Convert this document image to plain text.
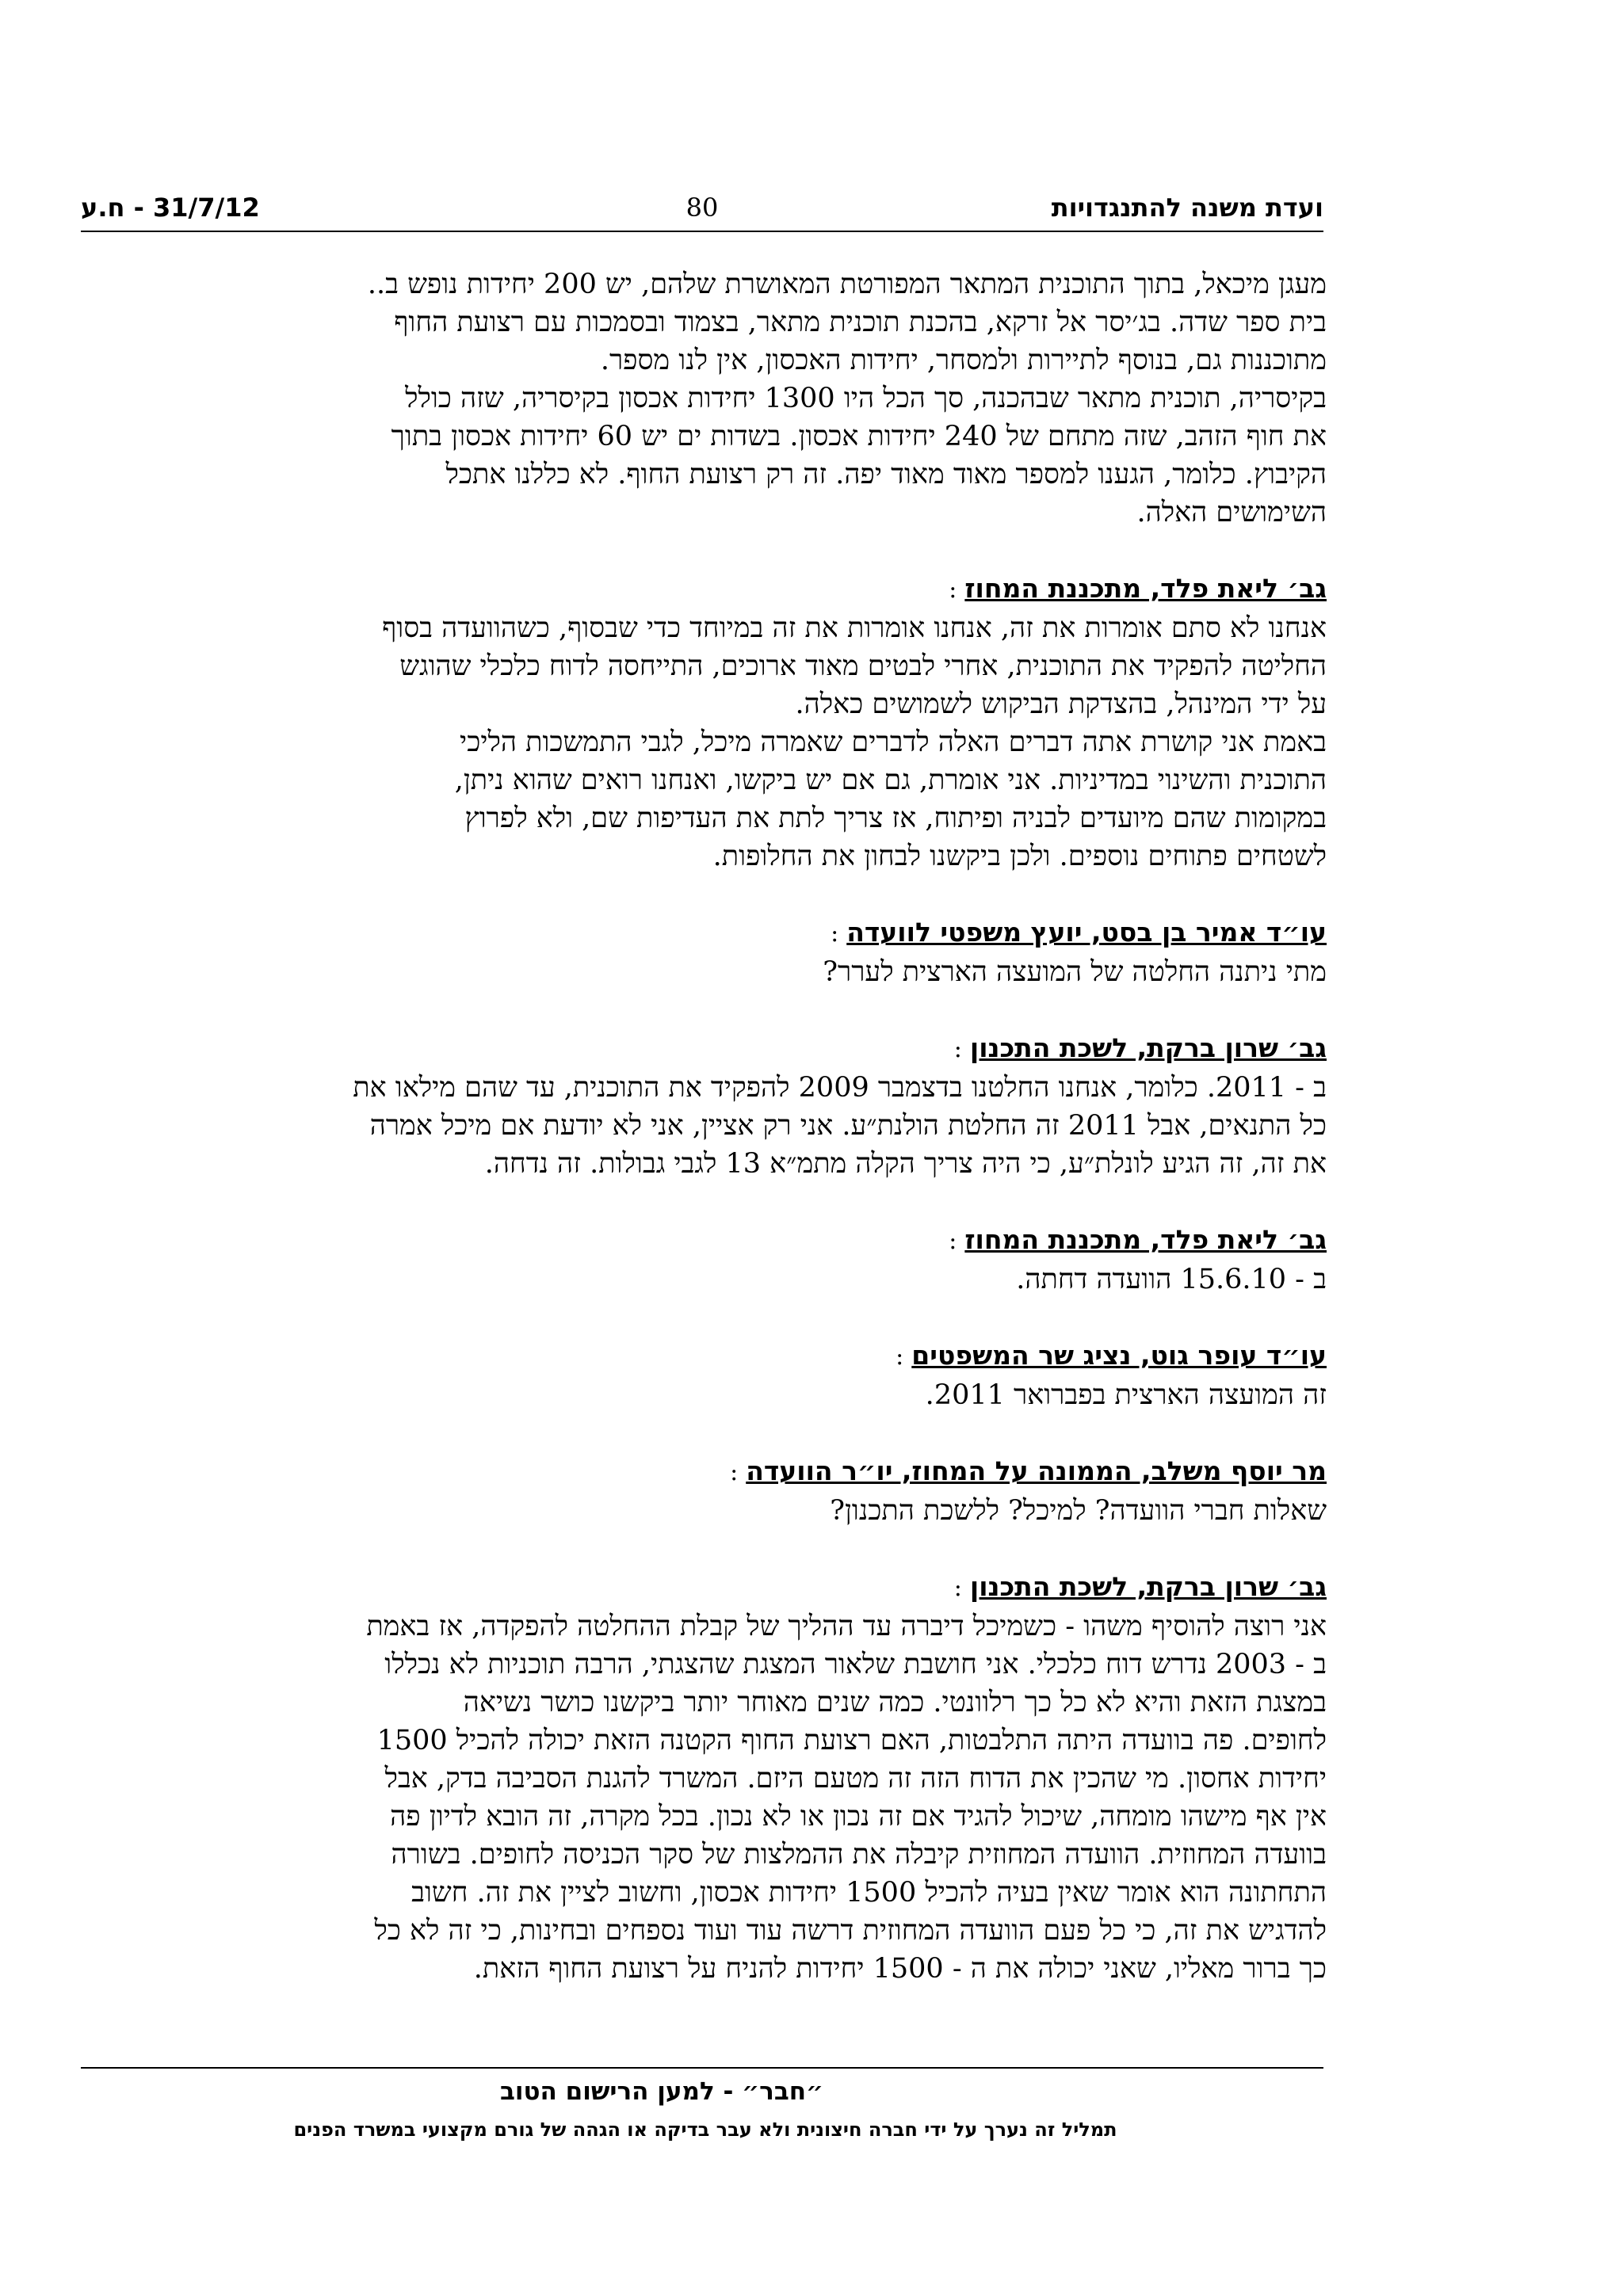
ועדת משנה להתנגדויות
80
31/7/12 - ח.ע
מעגן מיכאל, בתוך התוכנית המתאר המפורטת המאושרת שלהם, יש 200 יחידות נופש ב..
בית ספר שדה. בג׳יסר אל זרקא, בהכנת תוכנית מתאר, בצמוד ובסמכות עם רצועת החוף
מתוכננות גם, בנוסף לתיירות ולמסחר, יחידות האכסון, אין לנו מספר.
בקיסריה, תוכנית מתאר שבהכנה, סך הכל היו 1300 יחידות אכסון בקיסריה, שזה כולל
את חוף הזהב, שזה מתחם של 240 יחידות אכסון. בשדות ים יש 60 יחידות אכסון בתוך
הקיבוץ. כלומר, הגענו למספר מאוד מאוד יפה. זה רק רצועת החוף. לא כללנו אתכל
השימושים האלה.
גב׳ ליאת פלד, מתכננת המחוז:
אנחנו לא סתם אומרות את זה, אנחנו אומרות את זה במיוחד כדי שבסוף, כשהוועדה בסוף
החליטה להפקיד את התוכנית, אחרי לבטים מאוד ארוכים, התייחסה לדוח כלכלי שהוגש
על ידי המינהל, בהצדקת הביקוש לשמושים כאלה.
באמת אני קושרת אתה דברים האלה לדברים שאמרה מיכל, לגבי התמשכות הליכי
התוכנית והשינוי במדיניות. אני אומרת, גם אם יש ביקשו, ואנחנו רואים שהוא ניתן,
במקומות שהם מיועדים לבניה ופיתוח, אז צריך לתת את העדיפות שם, ולא לפרוץ
לשטחים פתוחים נוספים. ולכן ביקשנו לבחון את החלופות.
עו״ד אמיר בן בסט, יועץ משפטי לוועדה:
מתי ניתנה החלטה של המועצה הארצית לערר?
גב׳ שרון ברקת, לשכת התכנון:
ב - 2011. כלומר, אנחנו החלטנו בדצמבר 2009 להפקיד את התוכנית, עד שהם מילאו את
כל התנאים, אבל 2011 זה החלטת הולנת״ע. אני רק אציין, אני לא יודעת אם מיכל אמרה
את זה, זה הגיע לונלת״ע, כי היה צריך הקלה מתמ״א 13 לגבי גבולות. זה נדחה.
גב׳ ליאת פלד, מתכננת המחוז:
ב - 15.6.10 הוועדה דחתה.
עו״ד עופר גוט, נציג שר המשפטים:
זה המועצה הארצית בפברואר 2011.
מר יוסף משלב, הממונה על המחוז, יו״ר הוועדה:
שאלות חברי הוועדה? למיכל? ללשכת התכנון?
גב׳ שרון ברקת, לשכת התכנון:
אני רוצה להוסיף משהו - כשמיכל דיברה עד ההליך של קבלת ההחלטה להפקדה, אז באמת
ב - 2003 נדרש דוח כלכלי. אני חושבת שלאור המצגת שהצגתי, הרבה תוכניות לא נכללו
במצגת הזאת והיא לא כל כך רלוונטי. כמה שנים מאוחר יותר ביקשנו כושר נשיאה
לחופים. פה בוועדה היתה התלבטות, האם רצועת החוף הקטנה הזאת יכולה להכיל 1500
יחידות אחסון. מי שהכין את הדוח הזה זה מטעם היזם. המשרד להגנת הסביבה בדק, אבל
אין אף מישהו מומחה, שיכול להגיד אם זה נכון או לא נכון. בכל מקרה, זה הובא לדיון פה
בוועדה המחוזית. הוועדה המחוזית קיבלה את ההמלצות של סקר הכניסה לחופים. בשורה
התחתונה הוא אומר שאין בעיה להכיל 1500 יחידות אכסון, וחשוב לציין את זה. חשוב
להדגיש את זה, כי כל פעם הוועדה המחוזית דרשה עוד ועוד נספחים ובחינות, כי זה לא כל
כך ברור מאליו, שאני יכולה את ה - 1500 יחידות להניח על רצועת החוף הזאת.
״חבר״ - למען הרישום הטוב
תמליל זה נערך על ידי חברה חיצונית ולא עבר בדיקה או הגהה של גורם מקצועי במשרד הפנים
